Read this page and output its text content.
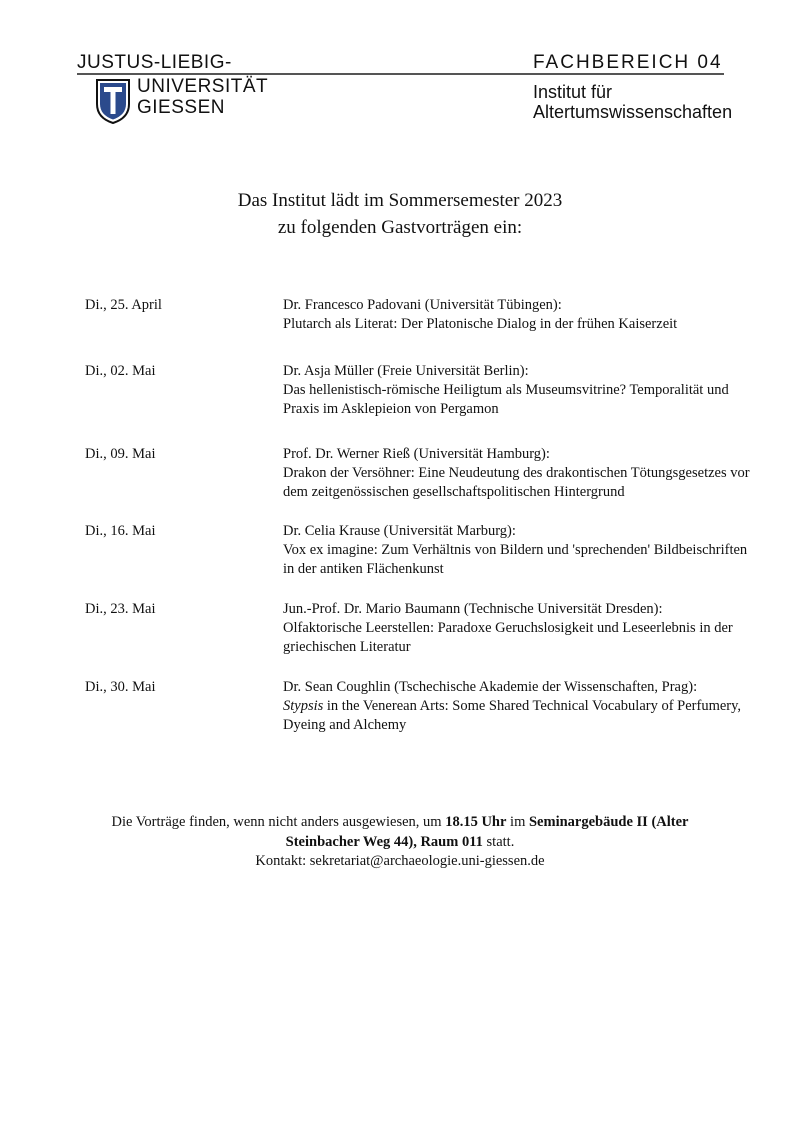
JUSTUS-LIEBIG-
UNIVERSITÄT
GIESSEN
FACHBEREICH 04
Institut für
Altertumswissenschaften
Das Institut lädt im Sommersemester 2023
zu folgenden Gastvorträgen ein:
Di., 25. April	Dr. Francesco Padovani (Universität Tübingen):
Plutarch als Literat: Der Platonische Dialog in der frühen Kaiserzeit
Di., 02. Mai	Dr. Asja Müller (Freie Universität Berlin):
Das hellenistisch-römische Heiligtum als Museumsvitrine? Temporalität und Praxis im Asklepieion von Pergamon
Di., 09. Mai	Prof. Dr. Werner Rieß (Universität Hamburg):
Drakon der Versöhner: Eine Neudeutung des drakontischen Tötungsgesetzes vor dem zeitgenössischen gesellschaftspolitischen Hintergrund
Di., 16. Mai	Dr. Celia Krause (Universität Marburg):
Vox ex imagine: Zum Verhältnis von Bildern und 'sprechenden' Bildbeischriften in der antiken Flächenkunst
Di., 23. Mai	Jun.-Prof. Dr. Mario Baumann (Technische Universität Dresden):
Olfaktorische Leerstellen: Paradoxe Geruchslosigkeit und Leseerlebnis in der griechischen Literatur
Di., 30. Mai	Dr. Sean Coughlin (Tschechische Akademie der Wissenschaften, Prag):
Stypsis in the Venerean Arts: Some Shared Technical Vocabulary of Perfumery, Dyeing and Alchemy
Die Vorträge finden, wenn nicht anders ausgewiesen, um 18.15 Uhr im Seminargebäude II (Alter Steinbacher Weg 44), Raum 011 statt.
Kontakt: sekretariat@archaeologie.uni-giessen.de
